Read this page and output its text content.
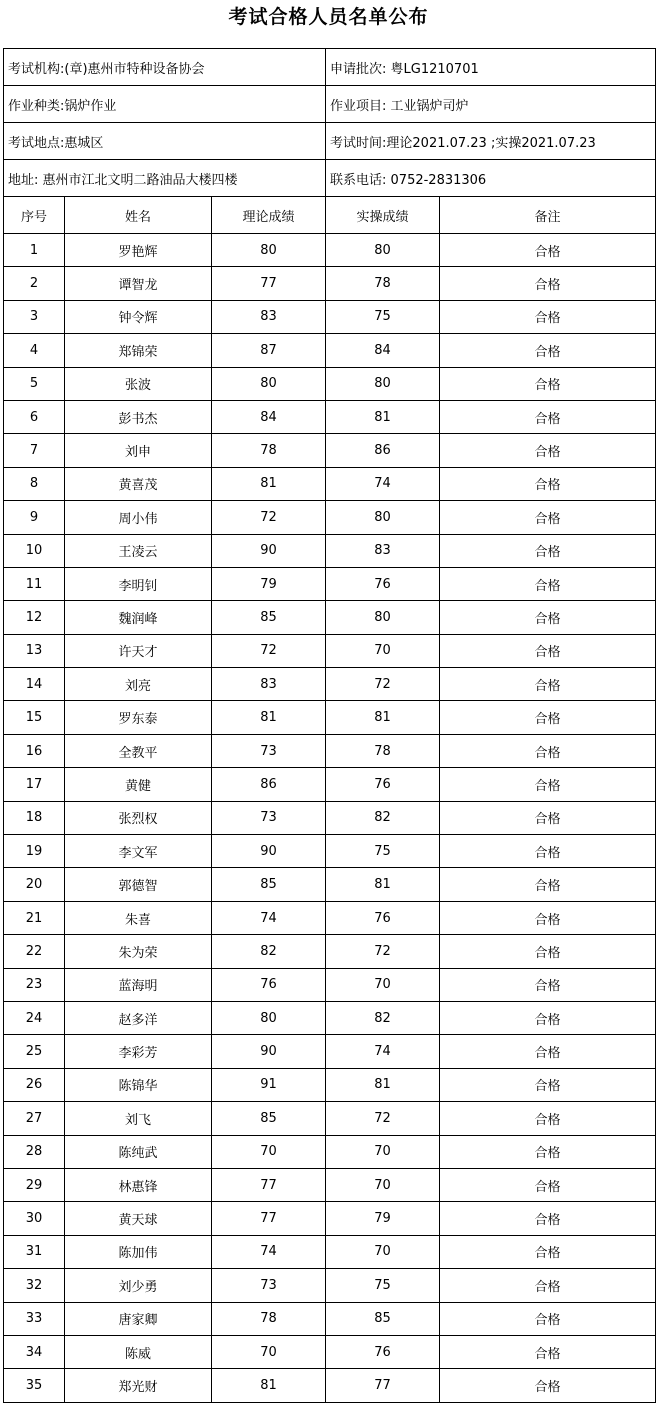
考试合格人员名单公布
考试机构:(章)惠州市特种设备协会			申请批次: 粤LG1210701	
作业种类:锅炉作业			作业项目: 工业锅炉司炉	
考试地点:惠城区			考试时间:理论2021.07.23 ;实操2021.07.23	
地址: 惠州市江北文明二路油品大楼四楼			联系电话: 0752-2831306	
序号	姓名	理论成绩	实操成绩	备注
1	罗艳辉	80	80	合格
2	谭智龙	77	78	合格
3	钟令辉	83	75	合格
4	郑锦荣	87	84	合格
5	张波	80	80	合格
6	彭书杰	84	81	合格
7	刘申	78	86	合格
8	黄喜茂	81	74	合格
9	周小伟	72	80	合格
10	王凌云	90	83	合格
11	李明钊	79	76	合格
12	魏润峰	85	80	合格
13	许天才	72	70	合格
14	刘亮	83	72	合格
15	罗东泰	81	81	合格
16	全教平	73	78	合格
17	黄健	86	76	合格
18	张烈权	73	82	合格
19	李文军	90	75	合格
20	郭德智	85	81	合格
21	朱喜	74	76	合格
22	朱为荣	82	72	合格
23	蓝海明	76	70	合格
24	赵多洋	80	82	合格
25	李彩芳	90	74	合格
26	陈锦华	91	81	合格
27	刘飞	85	72	合格
28	陈纯武	70	70	合格
29	林惠锋	77	70	合格
30	黄天球	77	79	合格
31	陈加伟	74	70	合格
32	刘少勇	73	75	合格
33	唐家卿	78	85	合格
34	陈威	70	76	合格
35	郑光财	81	77	合格
